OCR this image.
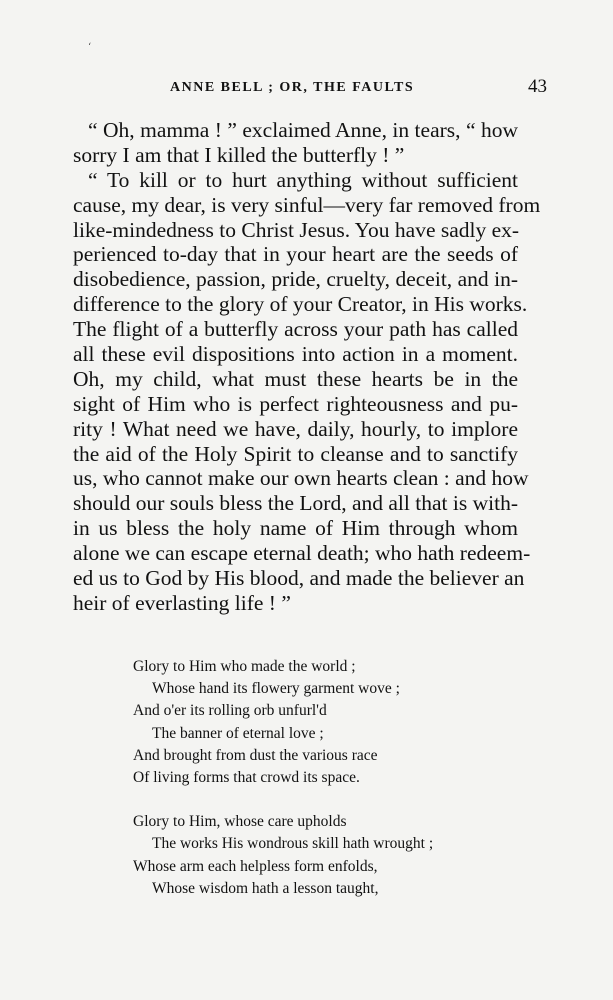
‘
ANNE BELL ; OR, THE FAULTS	43
“ Oh, mamma ! ” exclaimed Anne, in tears, “ how
sorry I am that I killed the butterfly ! ”
“ To kill or to hurt anything without sufficient
cause, my dear, is very sinful—very far removed from
like-mindedness to Christ Jesus. You have sadly ex-
perienced to-day that in your heart are the seeds of
disobedience, passion, pride, cruelty, deceit, and in-
difference to the glory of your Creator, in His works.
The flight of a butterfly across your path has called
all these evil dispositions into action in a moment.
Oh, my child, what must these hearts be in the
sight of Him who is perfect righteousness and pu-
rity ! What need we have, daily, hourly, to implore
the aid of the Holy Spirit to cleanse and to sanctify
us, who cannot make our own hearts clean : and how
should our souls bless the Lord, and all that is with-
in us bless the holy name of Him through whom
alone we can escape eternal death; who hath redeem-
ed us to God by His blood, and made the believer an
heir of everlasting life ! ”
Glory to Him who made the world ;
Whose hand its flowery garment wove ;
And o'er its rolling orb unfurl'd
The banner of eternal love ;
And brought from dust the various race
Of living forms that crowd its space.
Glory to Him, whose care upholds
The works His wondrous skill hath wrought ;
Whose arm each helpless form enfolds,
Whose wisdom hath a lesson taught,
